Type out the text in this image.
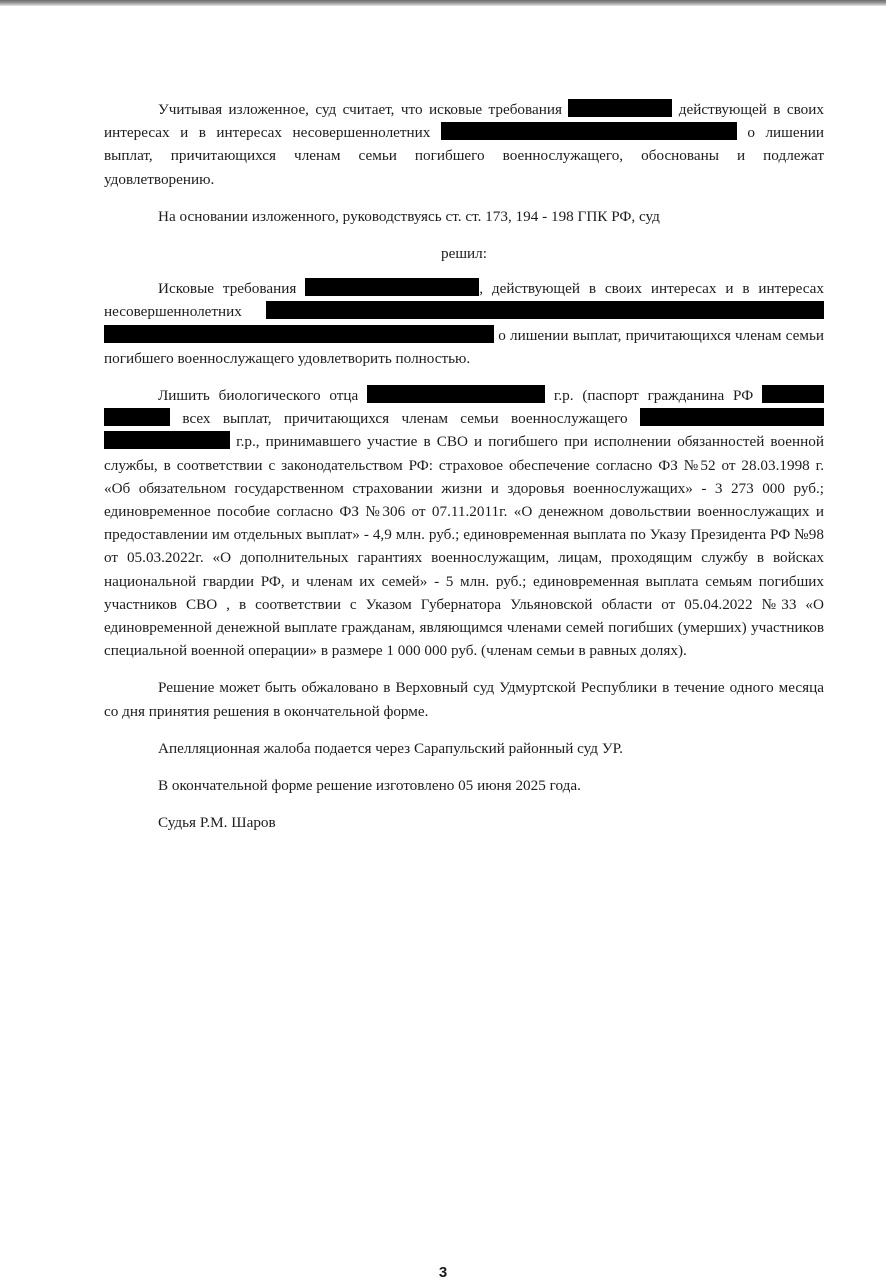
Учитывая изложенное, суд считает, что исковые требования	действующей в своих интересах и в интересах несовершеннолетних	о лишении выплат, причитающихся членам семьи погибшего военнослужащего, обоснованы и подлежат удовлетворению.

На основании изложенного, руководствуясь ст. ст. 173, 194 - 198 ГПК РФ, суд

решил:

Исковые требования	, действующей в своих интересах и в интересах несовершеннолетних   о лишении выплат, причитающихся членам семьи погибшего военнослужащего удовлетворить полностью.

Лишить биологического отца	г.р. (паспорт гражданина РФ   всех выплат, причитающихся членам семьи военнослужащего   г.р., принимавшего участие в СВО и погибшего при исполнении обязанностей военной службы, в соответствии с законодательством РФ: страховое обеспечение согласно ФЗ №52 от 28.03.1998 г. «Об обязательном государственном страховании жизни и здоровья военнослужащих» - 3 273 000 руб.; единовременное пособие согласно ФЗ №306 от 07.11.2011г. «О денежном довольствии военнослужащих и предоставлении им отдельных выплат» - 4,9 млн. руб.; единовременная выплата по Указу Президента РФ №98 от 05.03.2022г. «О дополнительных гарантиях военнослужащим, лицам, проходящим службу в войсках национальной гвардии РФ, и членам их семей» - 5 млн. руб.; единовременная выплата семьям погибших участников СВО , в соответствии с Указом Губернатора Ульяновской области от 05.04.2022 №33 «О единовременной денежной выплате гражданам, являющимся членами семей погибших (умерших) участников специальной военной операции» в размере 1 000 000 руб. (членам семьи в равных долях).

Решение может быть обжаловано в Верховный суд Удмуртской Республики в течение одного месяца со дня принятия решения в окончательной форме.

Апелляционная жалоба подается через Сарапульский районный суд УР.

В окончательной форме решение изготовлено 05 июня 2025 года.

Судья Р.М. Шаров

3
